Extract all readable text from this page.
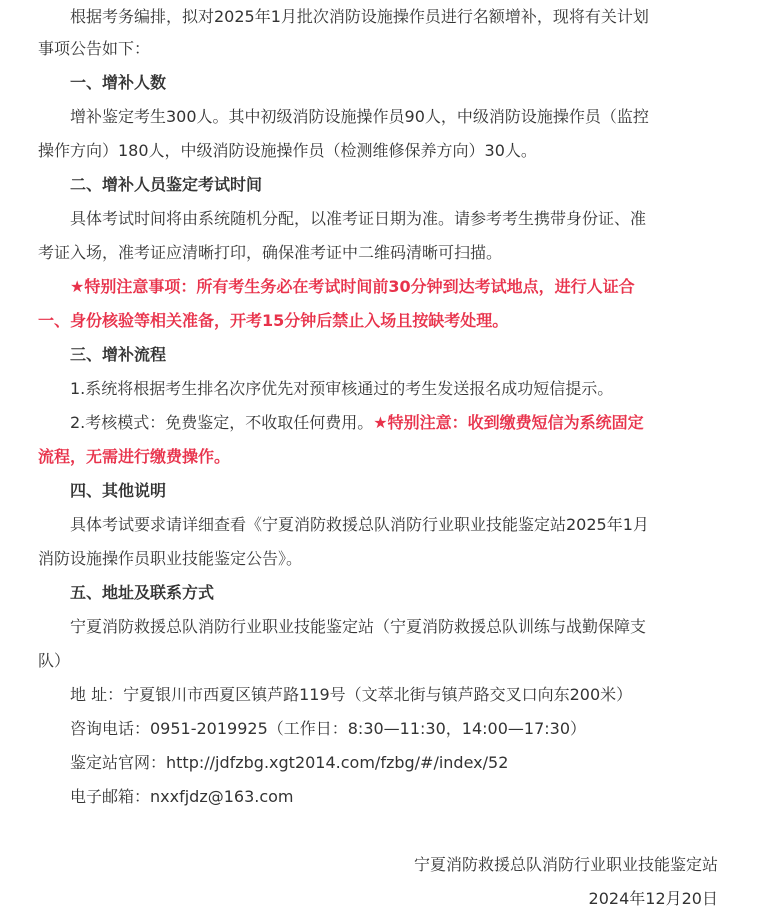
根据考务编排，拟对2025年1月批次消防设施操作员进行名额增补，现将有关计划
事项公告如下：
一、增补人数
增补鉴定考生300人。其中初级消防设施操作员90人，中级消防设施操作员（监控
操作方向）180人，中级消防设施操作员（检测维修保养方向）30人。
二、增补人员鉴定考试时间
具体考试时间将由系统随机分配，以准考证日期为准。请参考考生携带身份证、准
考证入场，准考证应清晰打印，确保准考证中二维码清晰可扫描。
★特别注意事项：所有考生务必在考试时间前30分钟到达考试地点，进行人证合
一、身份核验等相关准备，开考15分钟后禁止入场且按缺考处理。
三、增补流程
1.系统将根据考生排名次序优先对预审核通过的考生发送报名成功短信提示。
2.考核模式：免费鉴定，不收取任何费用。★特别注意：收到缴费短信为系统固定
流程，无需进行缴费操作。
四、其他说明
具体考试要求请详细查看《宁夏消防救援总队消防行业职业技能鉴定站2025年1月
消防设施操作员职业技能鉴定公告》。
五、地址及联系方式
宁夏消防救援总队消防行业职业技能鉴定站（宁夏消防救援总队训练与战勤保障支
队）
地 址：宁夏银川市西夏区镇芦路119号（文萃北街与镇芦路交叉口向东200米）
咨询电话：0951-2019925（工作日：8:30—11:30，14:00—17:30）
鉴定站官网：http://jdfzbg.xgt2014.com/fzbg/#/index/52
电子邮箱：nxxfjdz@163.com
宁夏消防救援总队消防行业职业技能鉴定站
2024年12月20日
